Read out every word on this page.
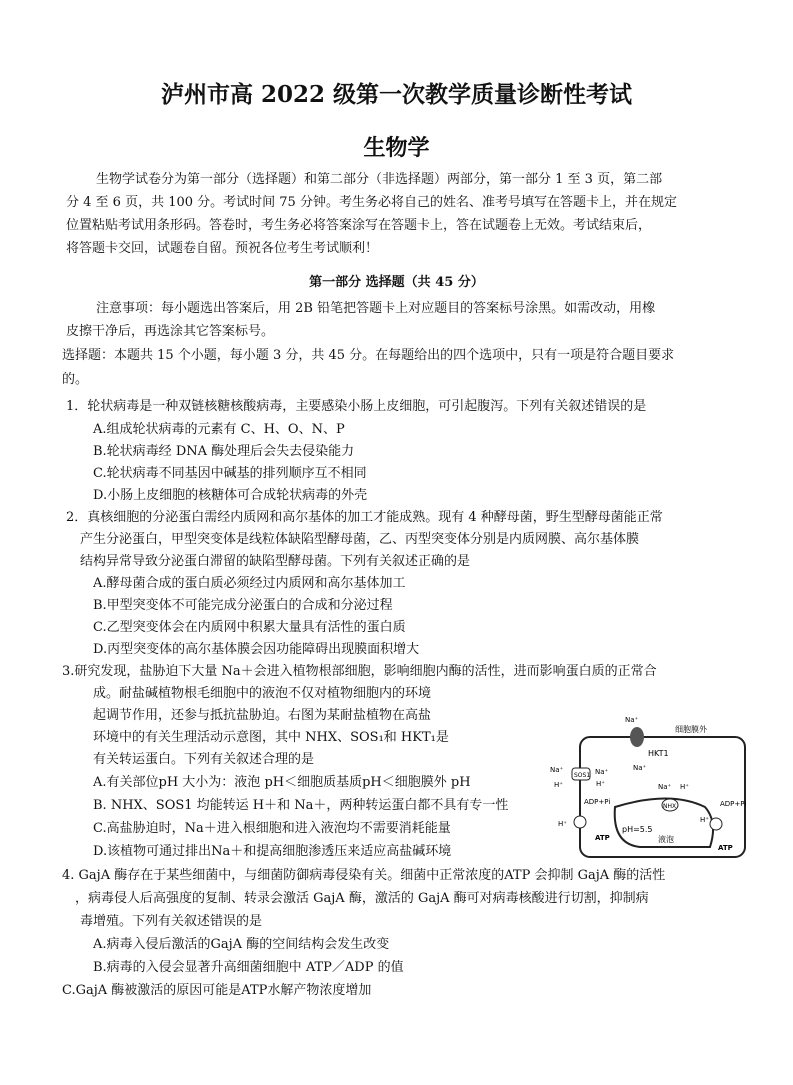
泸州市高 2022 级第一次教学质量诊断性考试
生物学
生物学试卷分为第一部分（选择题）和第二部分（非选择题）两部分，第一部分 1 至 3 页，第二部
分 4 至 6 页，共 100 分。考试时间 75 分钟。考生务必将自己的姓名、准考号填写在答题卡上，并在规定
位置粘贴考试用条形码。答卷时，考生务必将答案涂写在答题卡上，答在试题卷上无效。考试结束后，
将答题卡交回，试题卷自留。预祝各位考生考试顺利！
第一部分 选择题（共 45 分）
注意事项：每小题选出答案后，用 2B 铅笔把答题卡上对应题目的答案标号涂黑。如需改动，用橡
皮擦干净后，再选涂其它答案标号。
选择题：本题共 15 个小题，每小题 3 分，共 45 分。在每题给出的四个选项中，只有一项是符合题目要求
的。
1．轮状病毒是一种双链核糖核酸病毒，主要感染小肠上皮细胞，可引起腹泻。下列有关叙述错误的是
A.组成轮状病毒的元素有 C、H、O、N、P
B.轮状病毒经 DNA 酶处理后会失去侵染能力
C.轮状病毒不同基因中碱基的排列顺序互不相同
D.小肠上皮细胞的核糖体可合成轮状病毒的外壳
2．真核细胞的分泌蛋白需经内质网和高尔基体的加工才能成熟。现有 4 种酵母菌，野生型酵母菌能正常
产生分泌蛋白，甲型突变体是线粒体缺陷型酵母菌，乙、丙型突变体分别是内质网膜、高尔基体膜
结构异常导致分泌蛋白滞留的缺陷型酵母菌。下列有关叙述正确的是
A.酵母菌合成的蛋白质必须经过内质网和高尔基体加工
B.甲型突变体不可能完成分泌蛋白的合成和分泌过程
C.乙型突变体会在内质网中积累大量具有活性的蛋白质
D.丙型突变体的高尔基体膜会因功能障碍出现膜面积增大
3.研究发现，盐胁迫下大量 Na＋会进入植物根部细胞，影响细胞内酶的活性，进而影响蛋白质的正常合
成。耐盐碱植物根毛细胞中的液泡不仅对植物细胞内的环境
起调节作用，还参与抵抗盐胁迫。右图为某耐盐植物在高盐
环境中的有关生理活动示意图，其中 NHX、SOS₁和 HKT₁是
有关转运蛋白。下列有关叙述合理的是
A.有关部位pH 大小为：液泡 pH＜细胞质基质pH＜细胞膜外 pH
B. NHX、SOS1 均能转运 H＋和 Na＋，两种转运蛋白都不具有专一性
C.高盐胁迫时，Na＋进入根细胞和进入液泡均不需要消耗能量
D.该植物可通过排出Na＋和提高细胞渗透压来适应高盐碱环境
细胞膜外
Na⁺
HKT1
Na⁺
SOS1
Na⁺	Na⁺
H⁺	H⁺
ADP+Pi
H⁺
ATP
Na⁺ H⁺
NHX	ADP+Pi
H⁺
pH=5.5
液泡
ATP
4. GajA 酶存在于某些细菌中，与细菌防御病毒侵染有关。细菌中正常浓度的ATP 会抑制 GajA 酶的活性
，病毒侵人后高强度的复制、转录会激活 GajA 酶，激活的 GajA 酶可对病毒核酸进行切割，抑制病
毒增殖。下列有关叙述错误的是
A.病毒入侵后激活的GajA 酶的空间结构会发生改变
B.病毒的入侵会显著升高细菌细胞中 ATP／ADP 的值
C.GajA 酶被激活的原因可能是ATP水解产物浓度增加
